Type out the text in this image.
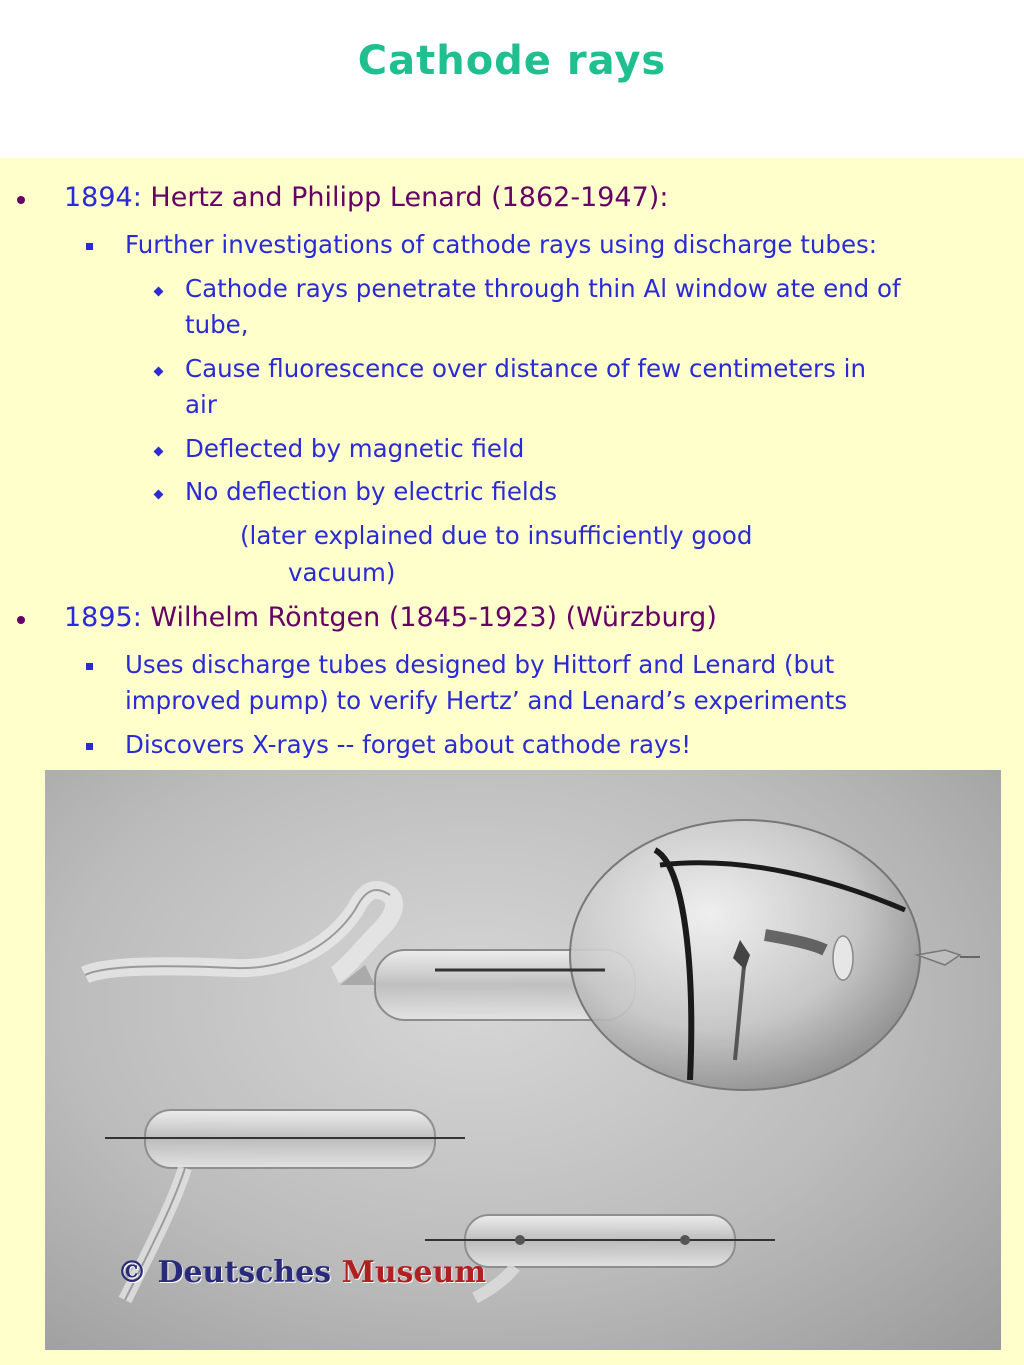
Cathode rays
1894: Hertz and Philipp Lenard (1862-1947):
Further investigations of cathode rays using discharge tubes:
Cathode rays penetrate through thin Al window ate end of
tube,
Cause fluorescence over distance of few centimeters in
air
Deflected by magnetic field
No deflection by electric fields
(later explained due to insufficiently good
vacuum)
1895: Wilhelm Röntgen (1845-1923) (Würzburg)
Uses discharge tubes designed by Hittorf and Lenard (but
improved pump) to verify Hertz’ and Lenard’s experiments
Discovers X-rays -- forget about cathode rays!
© Deutsches Museum
